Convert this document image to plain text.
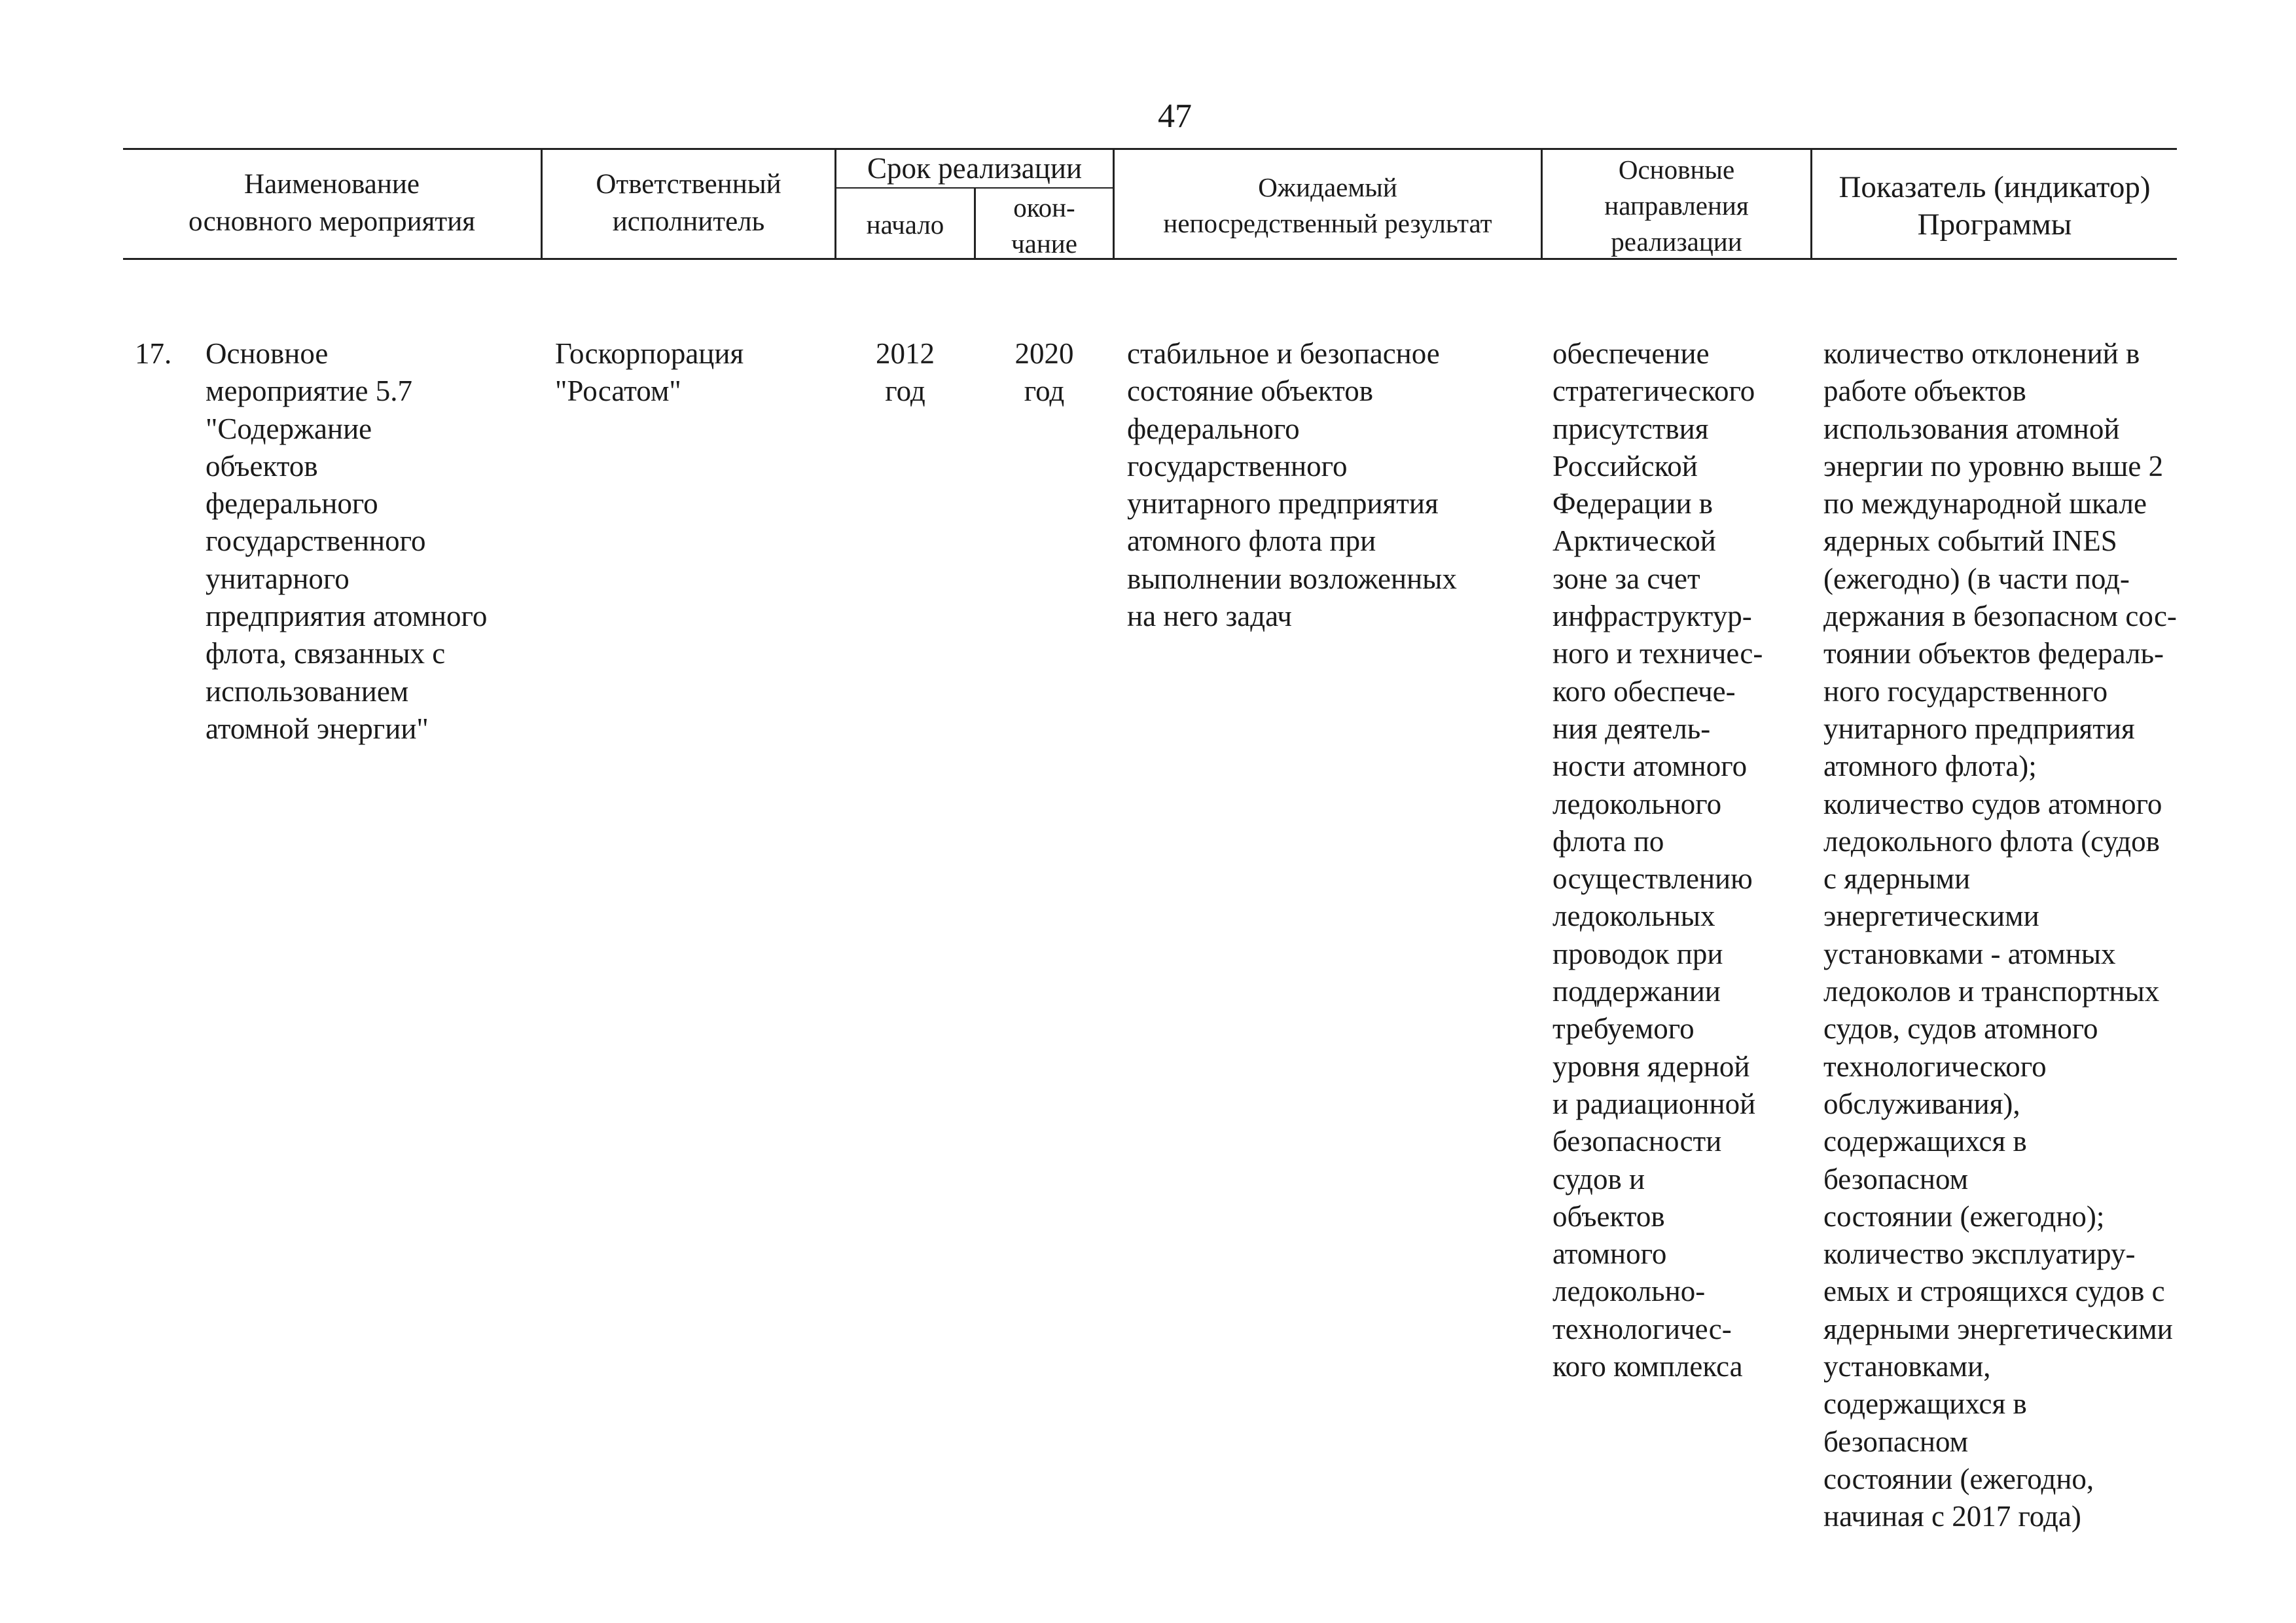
47
Наименование
основного мероприятия
Ответственный
исполнитель
Срок реализации
начало
окон-
чание
Ожидаемый
непосредственный результат
Основные
направления
реализации
Показатель (индикатор)
Программы
17. Основное
мероприятие 5.7
"Содержание
объектов
федерального
государственного
унитарного
предприятия атомного
флота, связанных с
использованием
атомной энергии"
Госкорпорация
"Росатом"
2012
год
2020
год
стабильное и безопасное
состояние объектов
федерального
государственного
унитарного предприятия
атомного флота при
выполнении возложенных
на него задач
обеспечение
стратегического
присутствия
Российской
Федерации в
Арктической
зоне за счет
инфраструктур-
ного и техничес-
кого обеспече-
ния деятель-
ности атомного
ледокольного
флота по
осуществлению
ледокольных
проводок при
поддержании
требуемого
уровня ядерной
и радиационной
безопасности
судов и
объектов
атомного
ледокольно-
технологичес-
кого комплекса
количество отклонений в
работе объектов
использования атомной
энергии по уровню выше 2
по международной шкале
ядерных событий INES
(ежегодно) (в части под-
держания в безопасном сос-
тоянии объектов федераль-
ного государственного
унитарного предприятия
атомного флота);
количество судов атомного
ледокольного флота (судов
с ядерными
энергетическими
установками - атомных
ледоколов и транспортных
судов, судов атомного
технологического
обслуживания),
содержащихся в безопасном
состоянии (ежегодно);
количество эксплуатиру-
емых и строящихся судов с
ядерными энергетическими
установками,
содержащихся в безопасном
состоянии (ежегодно,
начиная с 2017 года)
